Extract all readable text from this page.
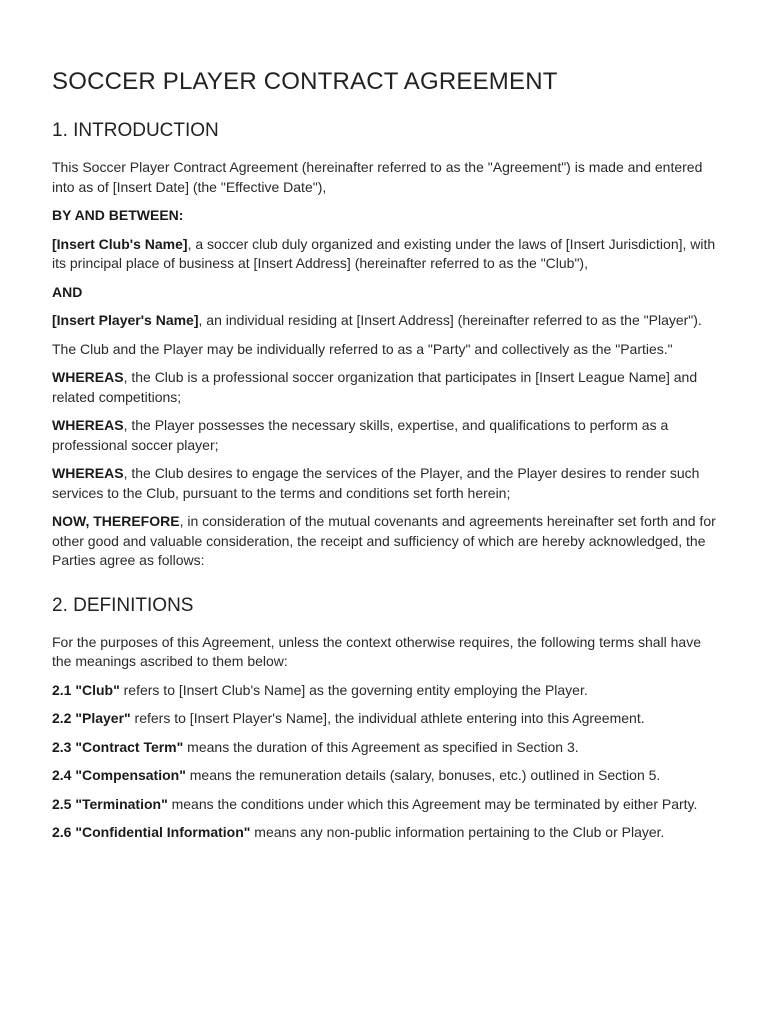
SOCCER PLAYER CONTRACT AGREEMENT
1. INTRODUCTION

This Soccer Player Contract Agreement (hereinafter referred to as the "Agreement") is made and entered into as of [Insert Date] (the "Effective Date"),

BY AND BETWEEN:

[Insert Club's Name], a soccer club duly organized and existing under the laws of [Insert Jurisdiction], with its principal place of business at [Insert Address] (hereinafter referred to as the "Club"),

AND

[Insert Player's Name], an individual residing at [Insert Address] (hereinafter referred to as the "Player").

The Club and the Player may be individually referred to as a "Party" and collectively as the "Parties."

WHEREAS, the Club is a professional soccer organization that participates in [Insert League Name] and related competitions;

WHEREAS, the Player possesses the necessary skills, expertise, and qualifications to perform as a professional soccer player;

WHEREAS, the Club desires to engage the services of the Player, and the Player desires to render such services to the Club, pursuant to the terms and conditions set forth herein;

NOW, THEREFORE, in consideration of the mutual covenants and agreements hereinafter set forth and for other good and valuable consideration, the receipt and sufficiency of which are hereby acknowledged, the Parties agree as follows:

2. DEFINITIONS

For the purposes of this Agreement, unless the context otherwise requires, the following terms shall have the meanings ascribed to them below:

2.1 "Club" refers to [Insert Club's Name] as the governing entity employing the Player.

2.2 "Player" refers to [Insert Player's Name], the individual athlete entering into this Agreement.

2.3 "Contract Term" means the duration of this Agreement as specified in Section 3.

2.4 "Compensation" means the remuneration details (salary, bonuses, etc.) outlined in Section 5.

2.5 "Termination" means the conditions under which this Agreement may be terminated by either Party.

2.6 "Confidential Information" means any non-public information pertaining to the Club or Player.
